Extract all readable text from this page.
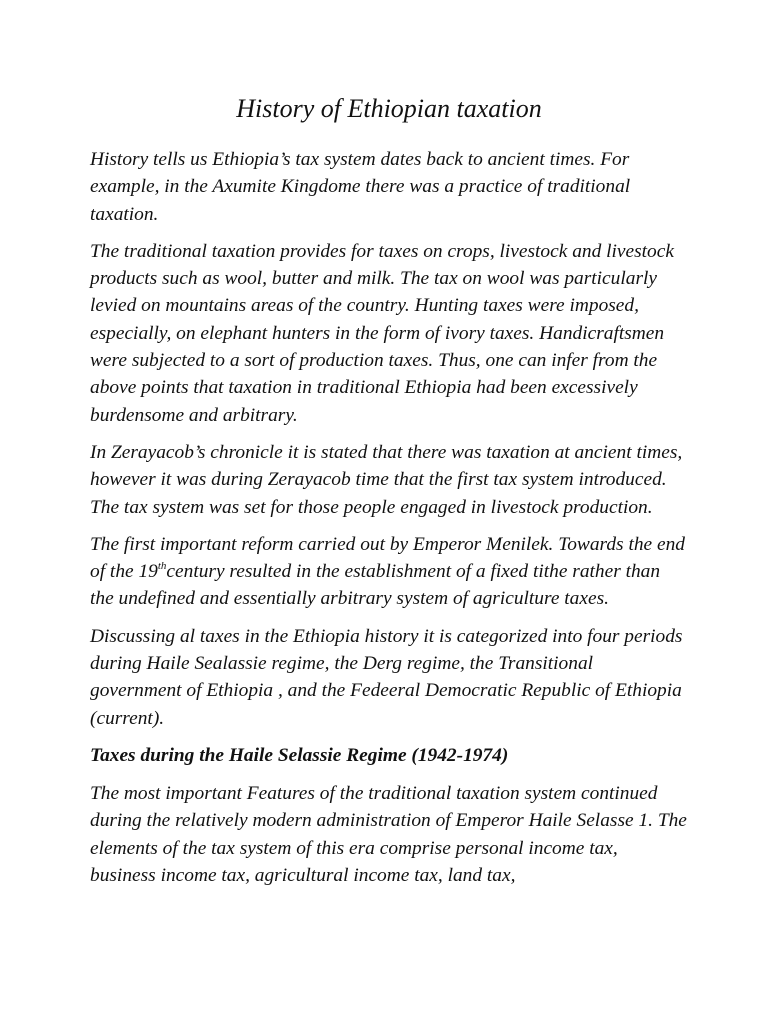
History of Ethiopian taxation

History tells us Ethiopia’s tax system dates back to ancient times. For example, in the Axumite Kingdome there was a practice of traditional taxation.

The traditional taxation provides for taxes on crops, livestock and livestock products such as wool, butter and milk. The tax on wool was particularly levied on mountains areas of the country. Hunting taxes were imposed, especially, on elephant hunters in the form of ivory taxes. Handicraftsmen were subjected to a sort of production taxes. Thus, one can infer from the above points that taxation in traditional Ethiopia had been excessively burdensome and arbitrary.

In Zerayacob’s chronicle it is stated that there was taxation at ancient times, however it was during Zerayacob time that the first tax system introduced. The tax system was set for those people engaged in livestock production.

The first important reform carried out by Emperor Menilek. Towards the end of the 19thcentury resulted in the establishment of a fixed tithe rather than the undefined and essentially arbitrary system of agriculture taxes.

Discussing al taxes in the Ethiopia history it is categorized into four periods during Haile Sealassie regime, the Derg regime, the Transitional government of Ethiopia , and the Fedeeral Democratic Republic of Ethiopia (current).

Taxes during the Haile Selassie Regime (1942-1974)

The most important Features of the traditional taxation system continued during the relatively modern administration of Emperor Haile Selasse 1. The elements of the tax system of this era comprise personal income tax, business income tax, agricultural income tax, land tax,
